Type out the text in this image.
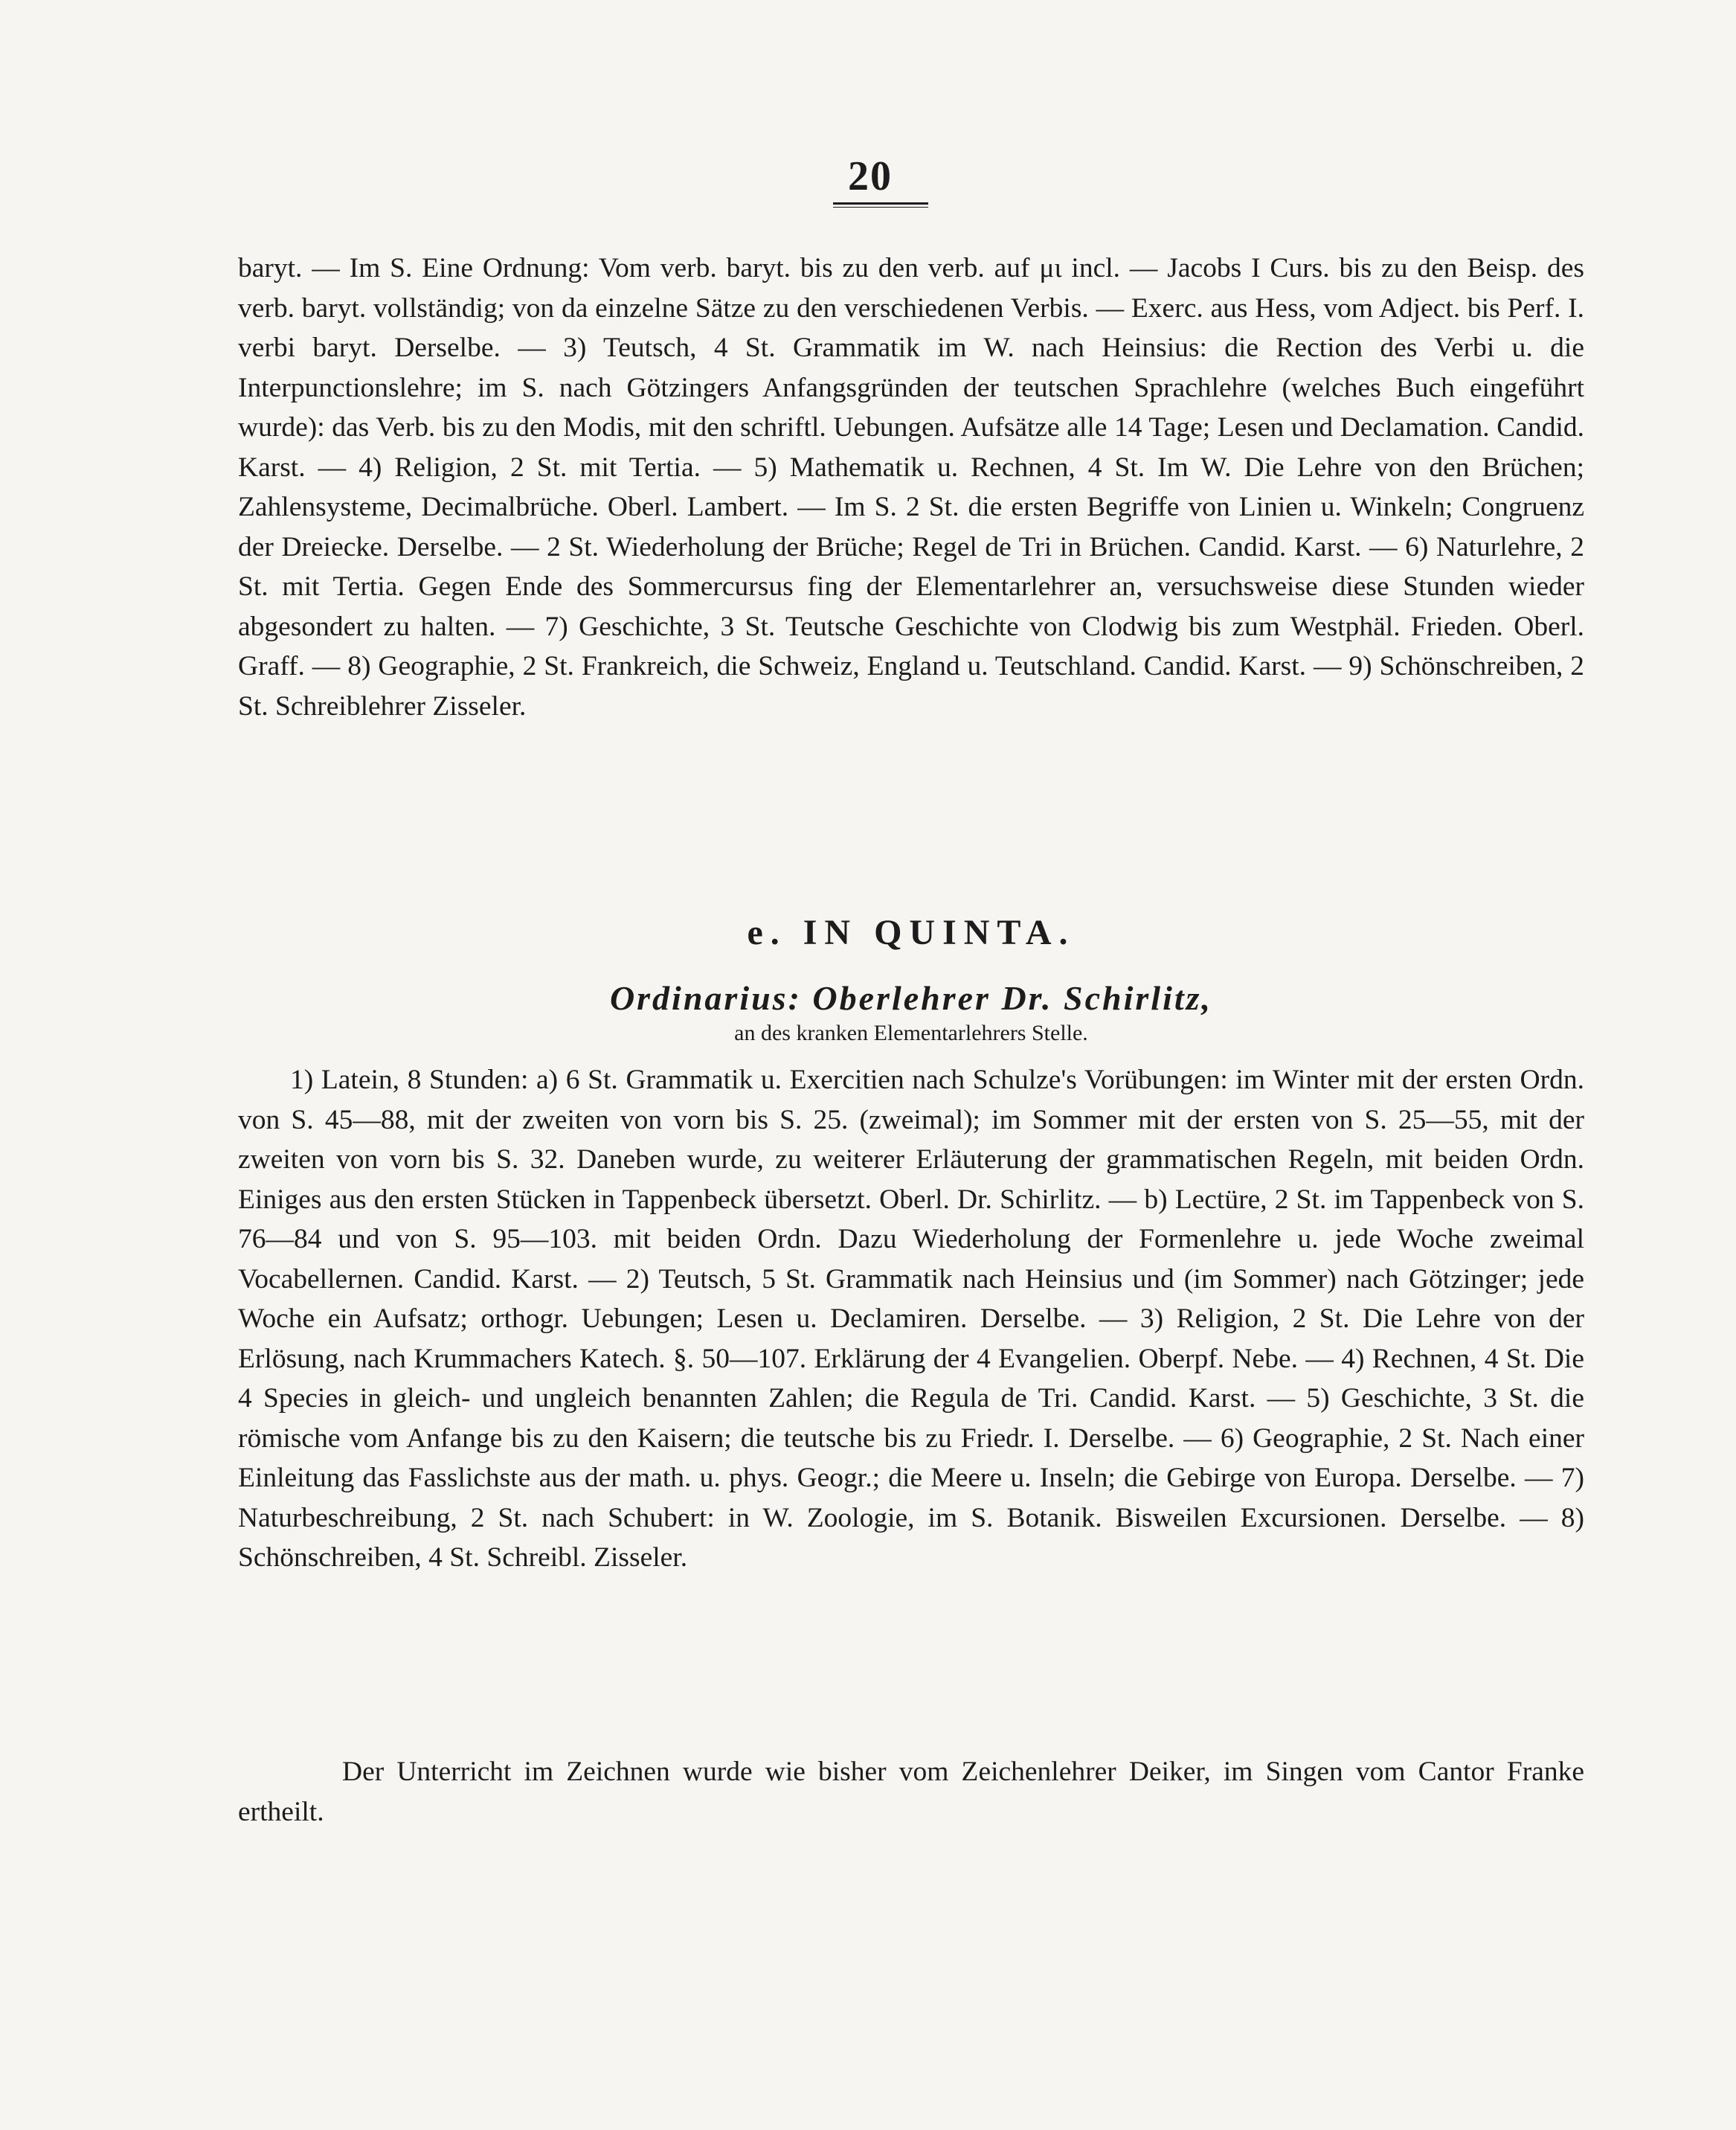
20

baryt. — Im S. Eine Ordnung: Vom verb. baryt. bis zu den verb. auf μι incl. — Jacobs I Curs. bis zu den Beisp. des verb. baryt. vollständig; von da einzelne Sätze zu den verschiedenen Verbis. — Exerc. aus Hess, vom Adject. bis Perf. I. verbi baryt. Derselbe. — 3) Teutsch, 4 St. Grammatik im W. nach Heinsius: die Rection des Verbi u. die Interpunctionslehre; im S. nach Götzingers Anfangsgründen der teutschen Sprachlehre (welches Buch eingeführt wurde): das Verb. bis zu den Modis, mit den schriftl. Uebungen. Aufsätze alle 14 Tage; Lesen und Declamation. Candid. Karst. — 4) Religion, 2 St. mit Tertia. — 5) Mathematik u. Rechnen, 4 St. Im W. Die Lehre von den Brüchen; Zahlensysteme, Decimalbrüche. Oberl. Lambert. — Im S. 2 St. die ersten Begriffe von Linien u. Winkeln; Congruenz der Dreiecke. Derselbe. — 2 St. Wiederholung der Brüche; Regel de Tri in Brüchen. Candid. Karst. — 6) Naturlehre, 2 St. mit Tertia. Gegen Ende des Sommercursus fing der Elementarlehrer an, versuchsweise diese Stunden wieder abgesondert zu halten. — 7) Geschichte, 3 St. Teutsche Geschichte von Clodwig bis zum Westphäl. Frieden. Oberl. Graff. — 8) Geographie, 2 St. Frankreich, die Schweiz, England u. Teutschland. Candid. Karst. — 9) Schönschreiben, 2 St. Schreiblehrer Zisseler.

e. IN QUINTA.
Ordinarius: Oberlehrer Dr. Schirlitz,
an des kranken Elementarlehrers Stelle.

1) Latein, 8 Stunden: a) 6 St. Grammatik u. Exercitien nach Schulze's Vorübungen: im Winter mit der ersten Ordn. von S. 45—88, mit der zweiten von vorn bis S. 25. (zweimal); im Sommer mit der ersten von S. 25—55, mit der zweiten von vorn bis S. 32. Daneben wurde, zu weiterer Erläuterung der grammatischen Regeln, mit beiden Ordn. Einiges aus den ersten Stücken in Tappenbeck übersetzt. Oberl. Dr. Schirlitz. — b) Lectüre, 2 St. im Tappenbeck von S. 76—84 und von S. 95—103. mit beiden Ordn. Dazu Wiederholung der Formenlehre u. jede Woche zweimal Vocabellernen. Candid. Karst. — 2) Teutsch, 5 St. Grammatik nach Heinsius und (im Sommer) nach Götzinger; jede Woche ein Aufsatz; orthogr. Uebungen; Lesen u. Declamiren. Derselbe. — 3) Religion, 2 St. Die Lehre von der Erlösung, nach Krummachers Katech. §. 50—107. Erklärung der 4 Evangelien. Oberpf. Nebe. — 4) Rechnen, 4 St. Die 4 Species in gleich- und ungleich benannten Zahlen; die Regula de Tri. Candid. Karst. — 5) Geschichte, 3 St. die römische vom Anfange bis zu den Kaisern; die teutsche bis zu Friedr. I. Derselbe. — 6) Geographie, 2 St. Nach einer Einleitung das Fasslichste aus der math. u. phys. Geogr.; die Meere u. Inseln; die Gebirge von Europa. Derselbe. — 7) Naturbeschreibung, 2 St. nach Schubert: in W. Zoologie, im S. Botanik. Bisweilen Excursionen. Derselbe. — 8) Schönschreiben, 4 St. Schreibl. Zisseler.

Der Unterricht im Zeichnen wurde wie bisher vom Zeichenlehrer Deiker, im Singen vom Cantor Franke ertheilt.
